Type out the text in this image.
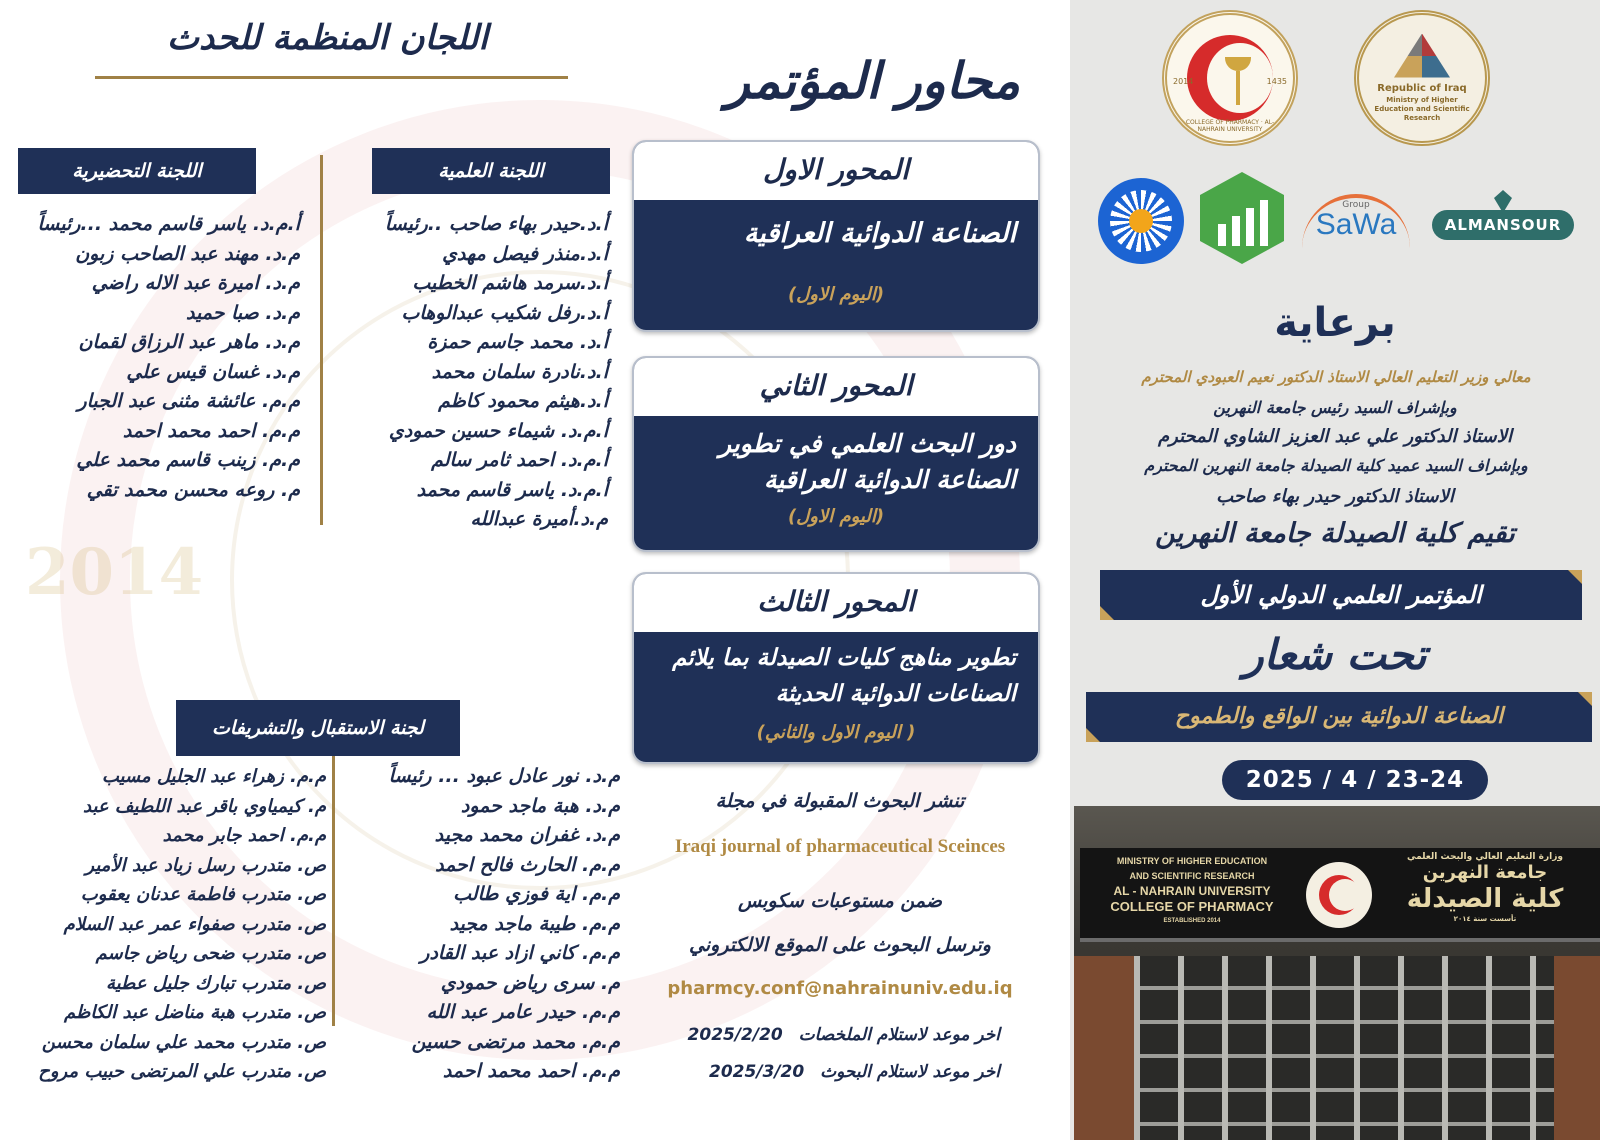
2014
اللجان المنظمة للحدث
اللجنة العلمية
أ.د.حيدر بهاء صاحب ..رئيساً
أ.د.منذر فيصل مهدي
أ.د.سرمد هاشم الخطيب
أ.د.رفل شكيب عبدالوهاب
أ.د. محمد جاسم حمزة
أ.د.نادرة سلمان محمد
أ.د.هيثم محمود كاظم
أ.م.د. شيماء حسين حمودي
أ.م.د. احمد ثامر سالم
أ.م.د. ياسر قاسم محمد
م.د.أميرة عبدالله
اللجنة التحضيرية
أ.م.د. ياسر قاسم محمد ...رئيساً
م.د. مهند عبد الصاحب زبون
م.د. اميرة عبد الاله راضي
م.د. صبا حميد
م.د. ماهر عبد الرزاق لقمان
م.د. غسان قيس علي
م.م. عائشة مثنى عبد الجبار
م.م. احمد محمد احمد
م.م. زينب قاسم محمد علي
م. روعه محسن محمد تقي
لجنة الاستقبال والتشريفات
م.د. نور عادل عبود ... رئيساً
م.د. هبة ماجد حمود
م.د. غفران محمد مجيد
م.م. الحارث فالح احمد
م.م. اية فوزي طالب
م.م. طيبة ماجد مجيد
م.م. كاني ازاد عبد القادر
م. سرى رياض حمودي
م.م. حيدر عامر عبد الله
م.م. محمد مرتضى حسين
م.م. احمد محمد احمد
م.م. زهراء عبد الجليل مسيب
م. كيمياوي باقر عبد اللطيف عبد
م.م. احمد جابر محمد
ص. متدرب رسل زياد عبد الأمير
ص. متدرب فاطمة عدنان يعقوب
ص. متدرب صفواء عمر عبد السلام
ص. متدرب ضحى رياض جاسم
ص. متدرب تبارك جليل عطية
ص. متدرب هبة مناضل عبد الكاظم
ص. متدرب محمد علي سلمان محسن
ص. متدرب علي المرتضى حبيب مروح
محاور المؤتمر
المحور الاول
الصناعة الدوائية العراقية
(اليوم الاول)
المحور الثاني
دور البحث العلمي في تطوير الصناعة الدوائية العراقية
(اليوم الاول)
المحور الثالث
تطوير مناهج كليات الصيدلة بما يلائم الصناعات الدوائية الحديثة
( اليوم الاول والثاني)
تنشر البحوث المقبولة في مجلة
Iraqi journal of pharmaceutical Sceinces
ضمن مستوعبات سكوبس
وترسل البحوث على الموقع الالكتروني
pharmcy.conf@nahrainuniv.edu.iq
اخر موعد لاستلام الملخصات 2025/2/20
اخر موعد لاستلام البحوث 2025/3/20
Republic of Iraq
Ministry of Higher Education and Scientific Research
2014	1435
COLLEGE OF PHARMACY · AL-NAHRAIN UNIVERSITY
ALMANSOUR
Group
SaWa
برعاية
معالي وزير التعليم العالي الاستاذ الدكتور نعيم العبودي المحترم
وبإشراف السيد رئيس جامعة النهرين
الاستاذ الدكتور علي عبد العزيز الشاوي المحترم
وبإشراف السيد عميد كلية الصيدلة جامعة النهرين المحترم
الاستاذ الدكتور حيدر بهاء صاحب
تقيم كلية الصيدلة جامعة النهرين
المؤتمر العلمي الدولي الأول
تحت شعار
الصناعة الدوائية بين الواقع والطموح
2025 / 4 / 23-24
MINISTRY OF HIGHER EDUCATION
AND SCIENTIFIC RESEARCH
AL - NAHRAIN UNIVERSITY
COLLEGE OF PHARMACY
ESTABLISHED 2014
وزارة التعليم العالي والبحث العلمي
جامعة النهرين
كلية الصيدلة
تأسست سنة ٢٠١٤
